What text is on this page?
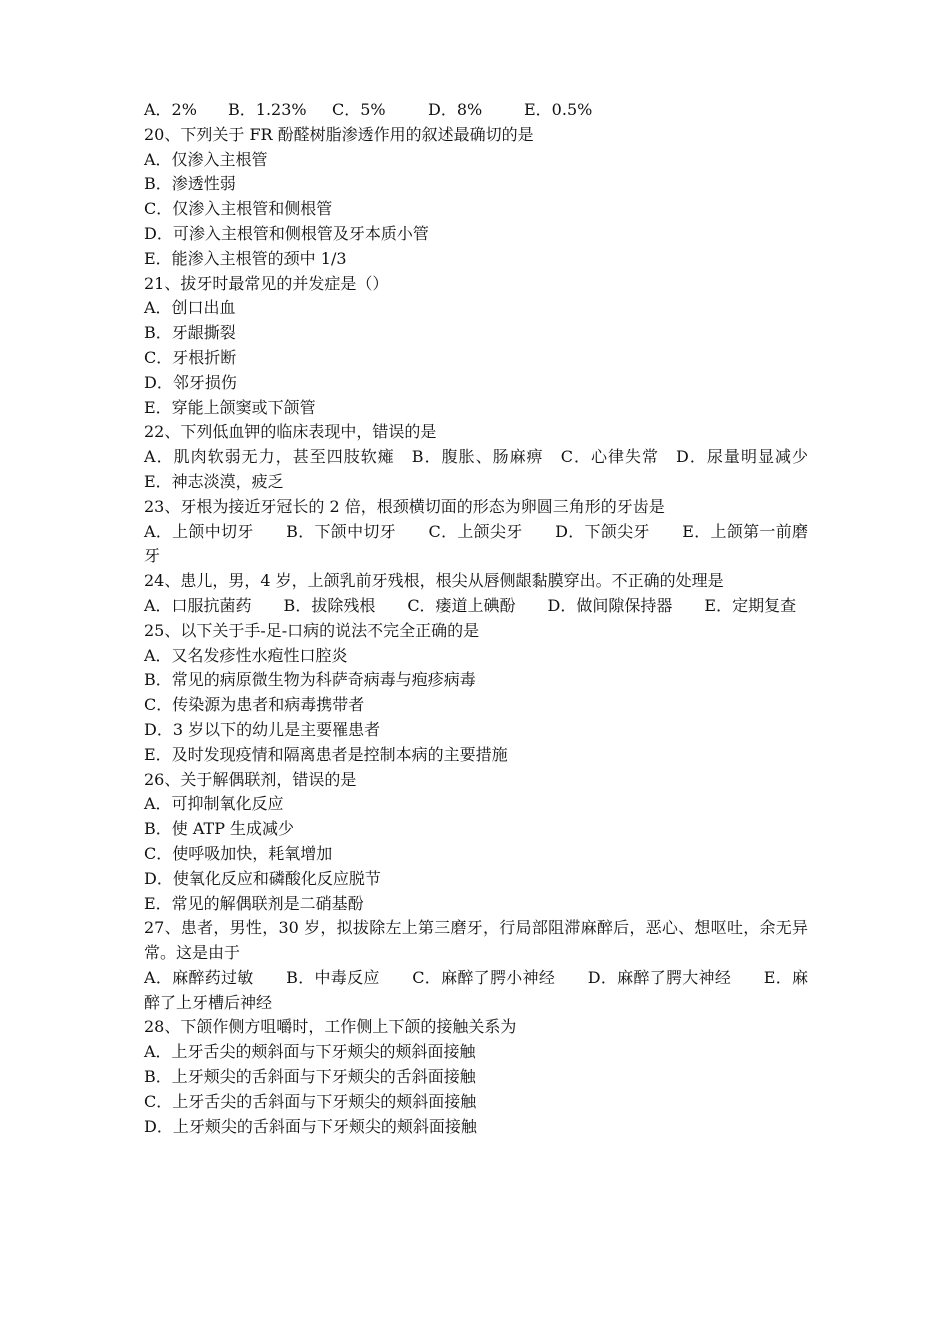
A．2% B．1.23% C．5%	D．8%	E．0.5%
20、下列关于 FR 酚醛树脂渗透作用的叙述最确切的是
A．仅渗入主根管
B．渗透性弱
C．仅渗入主根管和侧根管
D．可渗入主根管和侧根管及牙本质小管
E．能渗入主根管的颈中 1/3
21、拔牙时最常见的并发症是（）
A．创口出血
B．牙龈撕裂
C．牙根折断
D．邻牙损伤
E．穿能上颌窦或下颌管
22、下列低血钾的临床表现中，错误的是
A．肌肉软弱无力，甚至四肢软瘫　B．腹胀、肠麻痹　C．心律失常　D．尿量明显减少　E．神志淡漠，疲乏
23、牙根为接近牙冠长的 2 倍，根颈横切面的形态为卵圆三角形的牙齿是
A．上颌中切牙　　B．下颌中切牙　　C．上颌尖牙　　D．下颌尖牙　　E．上颌第一前磨牙
24、患儿，男，4 岁，上颌乳前牙残根，根尖从唇侧龈黏膜穿出。不正确的处理是
A．口服抗菌药　　B．拔除残根　　C．瘘道上碘酚　　D．做间隙保持器　　E．定期复查
25、以下关于手-足-口病的说法不完全正确的是
A．又名发疹性水疱性口腔炎
B．常见的病原微生物为科萨奇病毒与疱疹病毒
C．传染源为患者和病毒携带者
D．3 岁以下的幼儿是主要罹患者
E．及时发现疫情和隔离患者是控制本病的主要措施
26、关于解偶联剂，错误的是
A．可抑制氧化反应
B．使 ATP 生成减少
C．使呼吸加快，耗氧增加
D．使氧化反应和磷酸化反应脱节
E．常见的解偶联剂是二硝基酚
27、患者，男性，30 岁，拟拔除左上第三磨牙，行局部阻滞麻醉后，恶心、想呕吐，余无异常。这是由于
A．麻醉药过敏　　B．中毒反应　　C．麻醉了腭小神经　　D．麻醉了腭大神经　　E．麻醉了上牙槽后神经
28、下颌作侧方咀嚼时，工作侧上下颌的接触关系为
A．上牙舌尖的颊斜面与下牙颊尖的颊斜面接触
B．上牙颊尖的舌斜面与下牙颊尖的舌斜面接触
C．上牙舌尖的舌斜面与下牙颊尖的颊斜面接触
D．上牙颊尖的舌斜面与下牙颊尖的颊斜面接触
